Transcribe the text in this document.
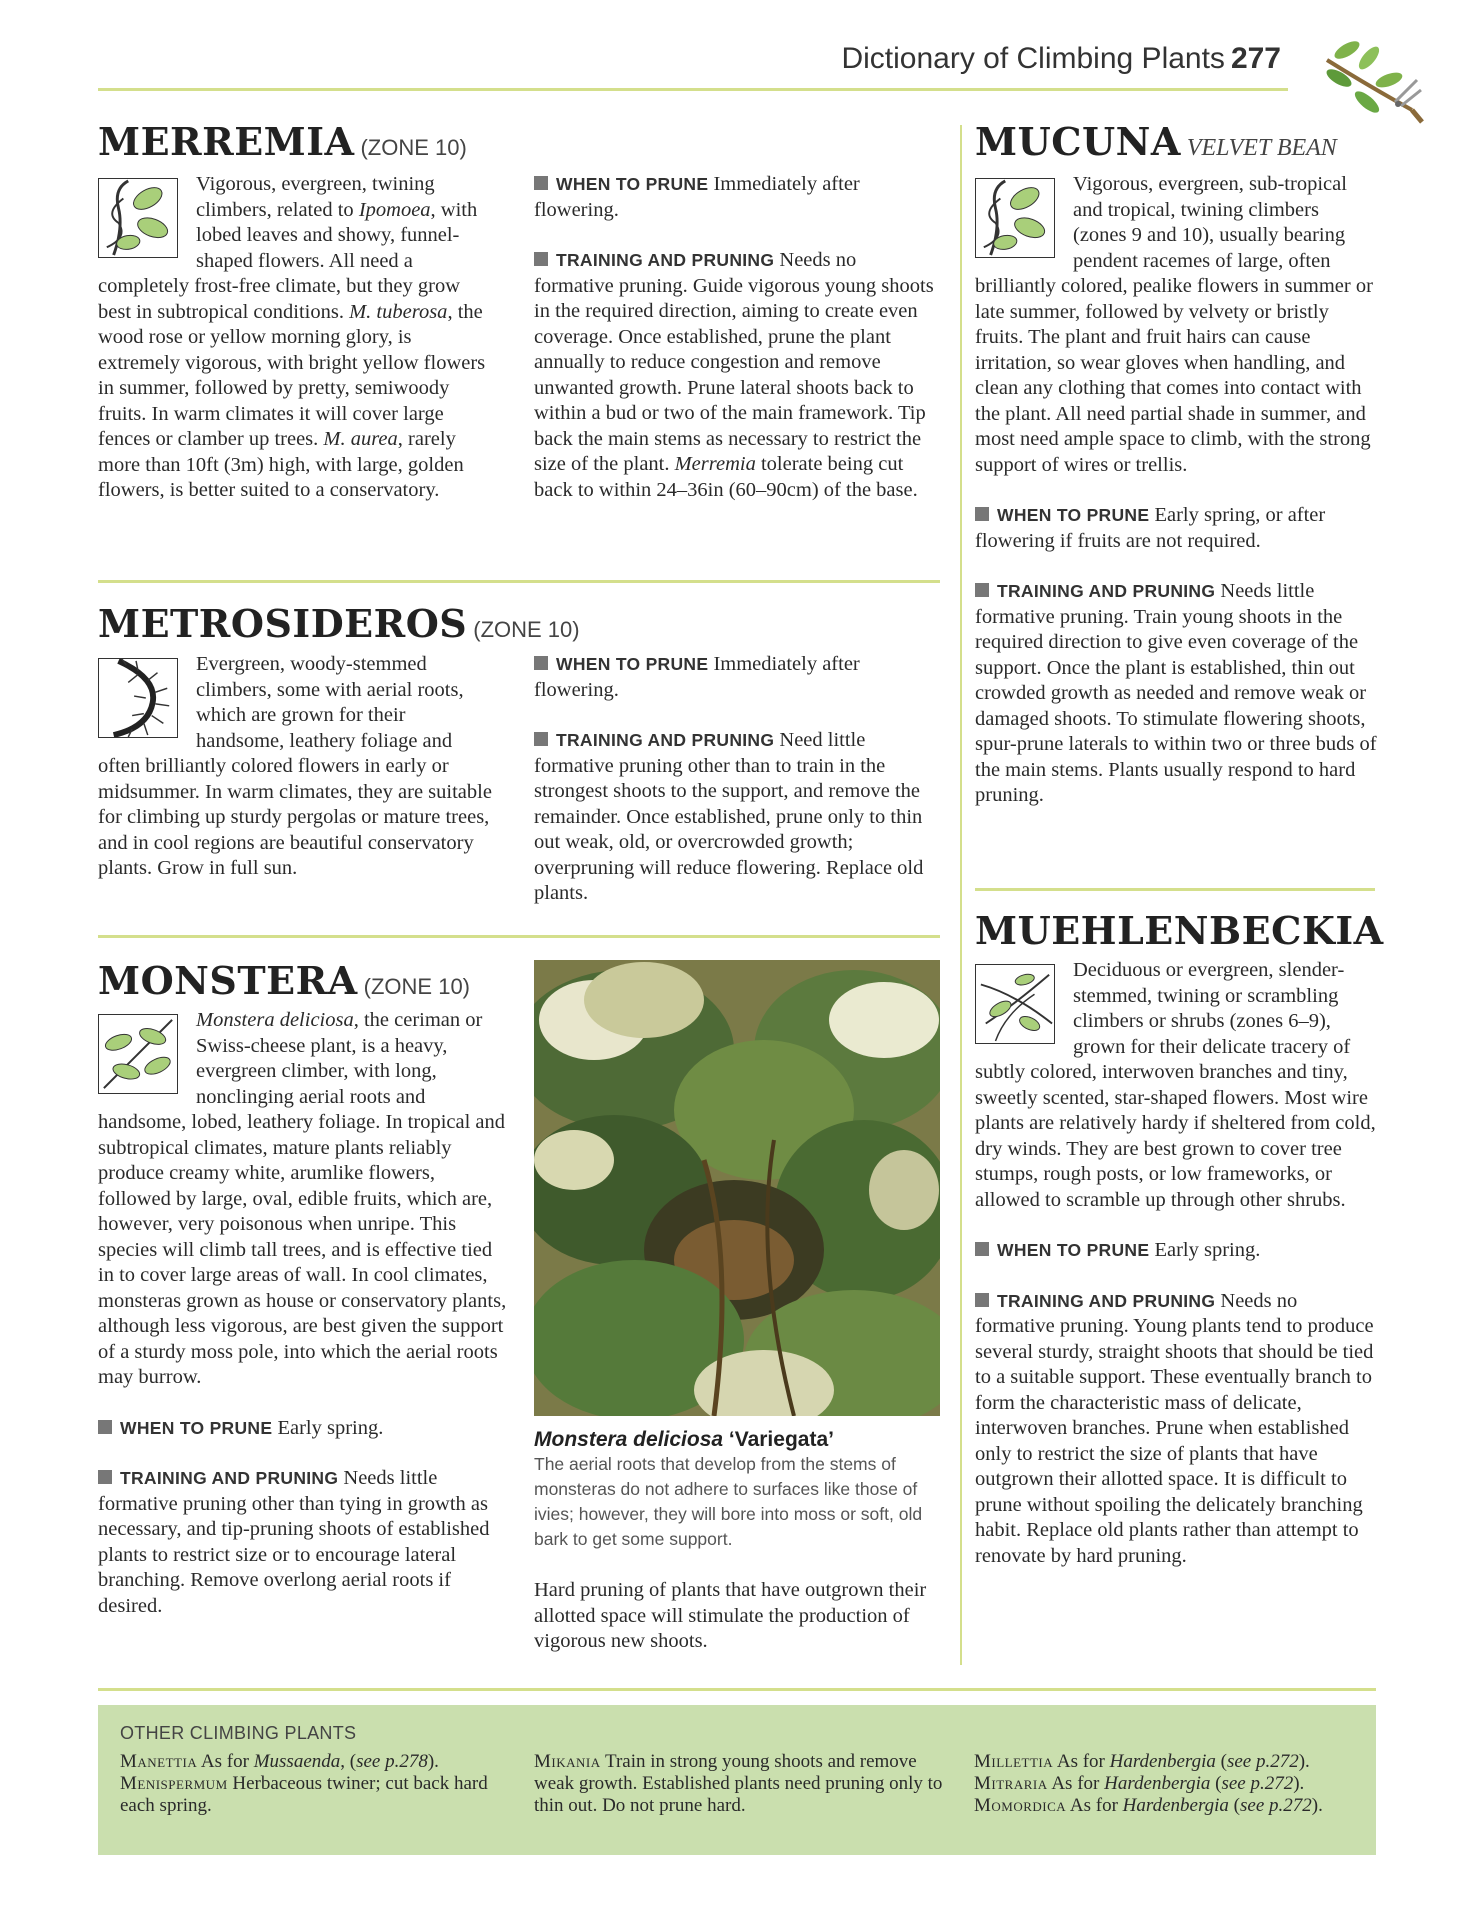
Dictionary of Climbing Plants 277
MERREMIA (ZONE 10)
Vigorous, evergreen, twining climbers, related to Ipomoea, with lobed leaves and showy, funnel-shaped flowers. All need a completely frost-free climate, but they grow best in subtropical conditions. M. tuberosa, the wood rose or yellow morning glory, is extremely vigorous, with bright yellow flowers in summer, followed by pretty, semiwoody fruits. In warm climates it will cover large fences or clamber up trees. M. aurea, rarely more than 10ft (3m) high, with large, golden flowers, is better suited to a conservatory.
WHEN TO PRUNE Immediately after flowering.
TRAINING AND PRUNING Needs no formative pruning. Guide vigorous young shoots in the required direction, aiming to create even coverage. Once established, prune the plant annually to reduce congestion and remove unwanted growth. Prune lateral shoots back to within a bud or two of the main framework. Tip back the main stems as necessary to restrict the size of the plant. Merremia tolerate being cut back to within 24–36in (60–90cm) of the base.
METROSIDEROS (ZONE 10)
Evergreen, woody-stemmed climbers, some with aerial roots, which are grown for their handsome, leathery foliage and often brilliantly colored flowers in early or midsummer. In warm climates, they are suitable for climbing up sturdy pergolas or mature trees, and in cool regions are beautiful conservatory plants. Grow in full sun.
WHEN TO PRUNE Immediately after flowering.
TRAINING AND PRUNING Need little formative pruning other than to train in the strongest shoots to the support, and remove the remainder. Once established, prune only to thin out weak, old, or overcrowded growth; overpruning will reduce flowering. Replace old plants.
MONSTERA (ZONE 10)
Monstera deliciosa, the ceriman or Swiss-cheese plant, is a heavy, evergreen climber, with long, nonclinging aerial roots and handsome, lobed, leathery foliage. In tropical and subtropical climates, mature plants reliably produce creamy white, arumlike flowers, followed by large, oval, edible fruits, which are, however, very poisonous when unripe. This species will climb tall trees, and is effective tied in to cover large areas of wall. In cool climates, monsteras grown as house or conservatory plants, although less vigorous, are best given the support of a sturdy moss pole, into which the aerial roots may burrow.
WHEN TO PRUNE Early spring.
TRAINING AND PRUNING Needs little formative pruning other than tying in growth as necessary, and tip-pruning shoots of established plants to restrict size or to encourage lateral branching. Remove overlong aerial roots if desired.
Monstera deliciosa ‘Variegata’
The aerial roots that develop from the stems of monsteras do not adhere to surfaces like those of ivies; however, they will bore into moss or soft, old bark to get some support.
Hard pruning of plants that have outgrown their allotted space will stimulate the production of vigorous new shoots.
MUCUNA VELVET BEAN
Vigorous, evergreen, sub-tropical and tropical, twining climbers (zones 9 and 10), usually bearing pendent racemes of large, often brilliantly colored, pealike flowers in summer or late summer, followed by velvety or bristly fruits. The plant and fruit hairs can cause irritation, so wear gloves when handling, and clean any clothing that comes into contact with the plant. All need partial shade in summer, and most need ample space to climb, with the strong support of wires or trellis.
WHEN TO PRUNE Early spring, or after flowering if fruits are not required.
TRAINING AND PRUNING Needs little formative pruning. Train young shoots in the required direction to give even coverage of the support. Once the plant is established, thin out crowded growth as needed and remove weak or damaged shoots. To stimulate flowering shoots, spur-prune laterals to within two or three buds of the main stems. Plants usually respond to hard pruning.
MUEHLENBECKIA
Deciduous or evergreen, slender-stemmed, twining or scrambling climbers or shrubs (zones 6–9), grown for their delicate tracery of subtly colored, interwoven branches and tiny, sweetly scented, star-shaped flowers. Most wire plants are relatively hardy if sheltered from cold, dry winds. They are best grown to cover tree stumps, rough posts, or low frameworks, or allowed to scramble up through other shrubs.
WHEN TO PRUNE Early spring.
TRAINING AND PRUNING Needs no formative pruning. Young plants tend to produce several sturdy, straight shoots that should be tied to a suitable support. These eventually branch to form the characteristic mass of delicate, interwoven branches. Prune when established only to restrict the size of plants that have outgrown their allotted space. It is difficult to prune without spoiling the delicately branching habit. Replace old plants rather than attempt to renovate by hard pruning.
OTHER CLIMBING PLANTS
Manettia As for Mussaenda, (see p.278).
Menispermum Herbaceous twiner; cut back hard each spring.
Mikania Train in strong young shoots and remove weak growth. Established plants need pruning only to thin out. Do not prune hard.
Millettia As for Hardenbergia (see p.272).
Mitraria As for Hardenbergia (see p.272).
Momordica As for Hardenbergia (see p.272).
